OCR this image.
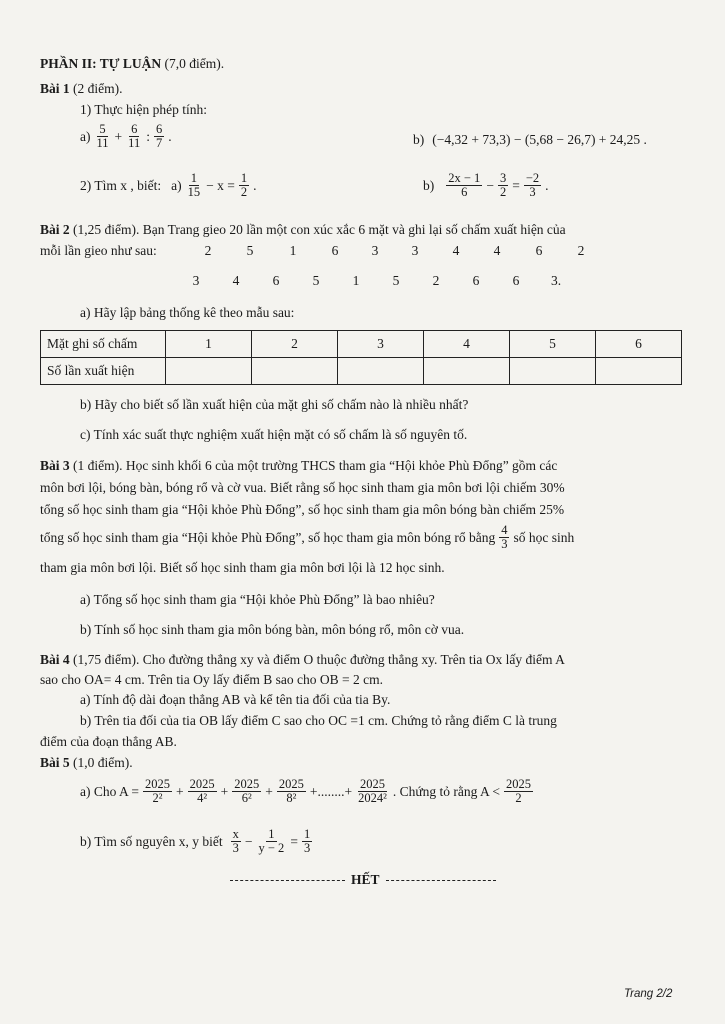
PHẦN II: TỰ LUẬN (7,0 điểm).
Bài 1 (2 điểm).
1) Thực hiện phép tính:
$a) \frac{5}{11} + \frac{6}{11}$ : $\frac{6}{7}$ .	b) (−4,32 + 73,3) − (5,68 − 26,7) + 24,25 .
2) Tìm x , biết: $a) \frac{1}{15} - x = \frac{1}{2}$ .	$b) \frac{2x - 1}{6} - \frac{3}{2} = \frac{-2}{3}$ .
Bài 2 (1,25 điểm). Bạn Trang gieo 20 lần một con xúc xắc 6 mặt và ghi lại số chấm xuất hiện của
mỗi lần gieo như sau:	2	5	1	6	3	3	4	4	6	2
3	4	6	5	1	5	2	6	6	3.
a) Hãy lập bảng thống kê theo mẫu sau:
Mặt ghi số chấm	1	2	3	4	5	6
Số lần xuất hiện						
b) Hãy cho biết số lần xuất hiện của mặt ghi số chấm nào là nhiều nhất?
c) Tính xác suất thực nghiệm xuất hiện mặt có số chấm là số nguyên tố.
Bài 3 (1 điểm). Học sinh khối 6 của một trường THCS tham gia “Hội khỏe Phù Đổng” gồm các
môn bơi lội, bóng bàn, bóng rổ và cờ vua. Biết rằng số học sinh tham gia môn bơi lội chiếm 30%
tổng số học sinh tham gia “Hội khỏe Phù Đổng”, số học sinh tham gia môn bóng bàn chiếm 25%
tổng số học sinh tham gia “Hội khỏe Phù Đổng”, số học tham gia môn bóng rổ bằng $\frac{4}{3}$ số học sinh
tham gia môn bơi lội. Biết số học sinh tham gia môn bơi lội là 12 học sinh.
a) Tổng số học sinh tham gia “Hội khỏe Phù Đổng” là bao nhiêu?
b) Tính số học sinh tham gia môn bóng bàn, môn bóng rổ, môn cờ vua.
Bài 4 (1,75 điểm). Cho đường thẳng xy và điểm O thuộc đường thẳng xy. Trên tia Ox lấy điểm A
sao cho OA= 4 cm. Trên tia Oy lấy điểm B sao cho OB = 2 cm.
a) Tính độ dài đoạn thẳng AB và kể tên tia đối của tia By.
b) Trên tia đối của tia OB lấy điểm C sao cho OC =1 cm. Chứng tỏ rằng điểm C là trung
điểm của đoạn thẳng AB.
Bài 5 (1,0 điểm).
a) Cho $A = \frac{2025}{\text{2²}} + \frac{2025}{\text{4²}} + \frac{2025}{\text{6²}} + \frac{2025}{\text{8²}}$ +........+ $\frac{2025}{\text{2024²}}$ . Chứng tỏ rằng $A < \frac{2025}{2}$
b) Tìm số nguyên x, y biết $\frac{x}{3} - \frac{1}{y - 2} = \frac{1}{3}$
HẾT
Trang 2/2
